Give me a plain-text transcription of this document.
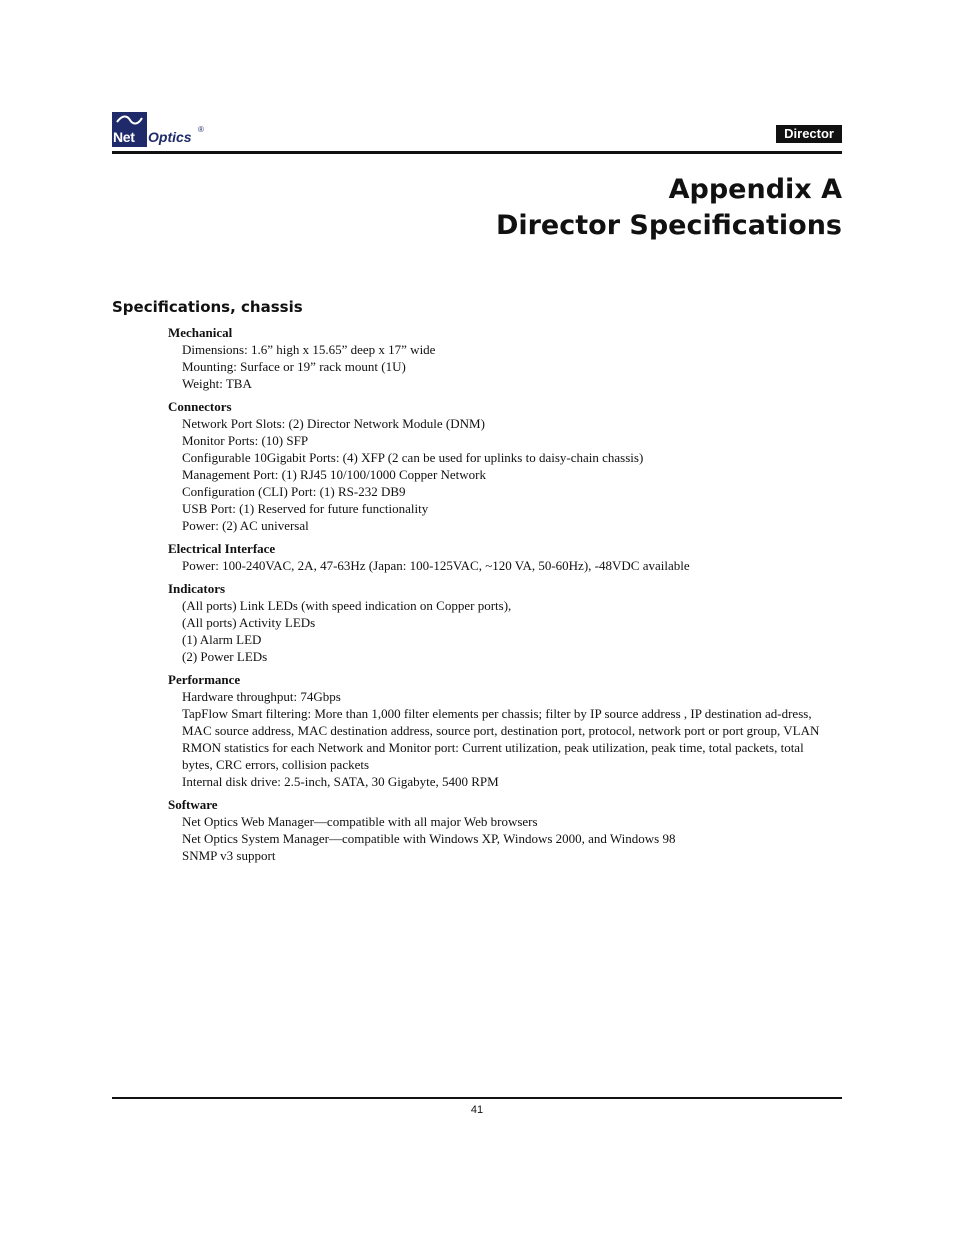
Net Optics ®	Director
Appendix A
Director Specifications
Specifications, chassis
Mechanical
Dimensions: 1.6” high x 15.65” deep x 17” wide
Mounting: Surface or 19” rack mount (1U)
Weight: TBA
Connectors
Network Port Slots: (2) Director Network Module (DNM)
Monitor Ports: (10) SFP
Configurable 10Gigabit Ports: (4) XFP (2 can be used for uplinks to daisy-chain chassis)
Management Port: (1) RJ45 10/100/1000 Copper Network
Configuration (CLI) Port: (1) RS-232 DB9
USB Port: (1) Reserved for future functionality
Power: (2) AC universal
Electrical Interface
Power: 100-240VAC, 2A, 47-63Hz (Japan: 100-125VAC, ~120 VA, 50-60Hz), -48VDC available
Indicators
(All ports) Link LEDs (with speed indication on Copper ports),
(All ports) Activity LEDs
(1) Alarm LED
(2) Power LEDs
Performance
Hardware throughput: 74Gbps
TapFlow Smart filtering: More than 1,000 filter elements per chassis; filter by IP source address , IP destination ad-dress, MAC source address, MAC destination address, source port, destination port, protocol, network port or port group, VLAN
RMON statistics for each Network and Monitor port: Current utilization, peak utilization, peak time, total packets, total bytes, CRC errors, collision packets
Internal disk drive: 2.5-inch, SATA, 30 Gigabyte, 5400 RPM
Software
Net Optics Web Manager—compatible with all major Web browsers
Net Optics System Manager—compatible with Windows XP, Windows 2000, and Windows 98
SNMP v3 support
41
